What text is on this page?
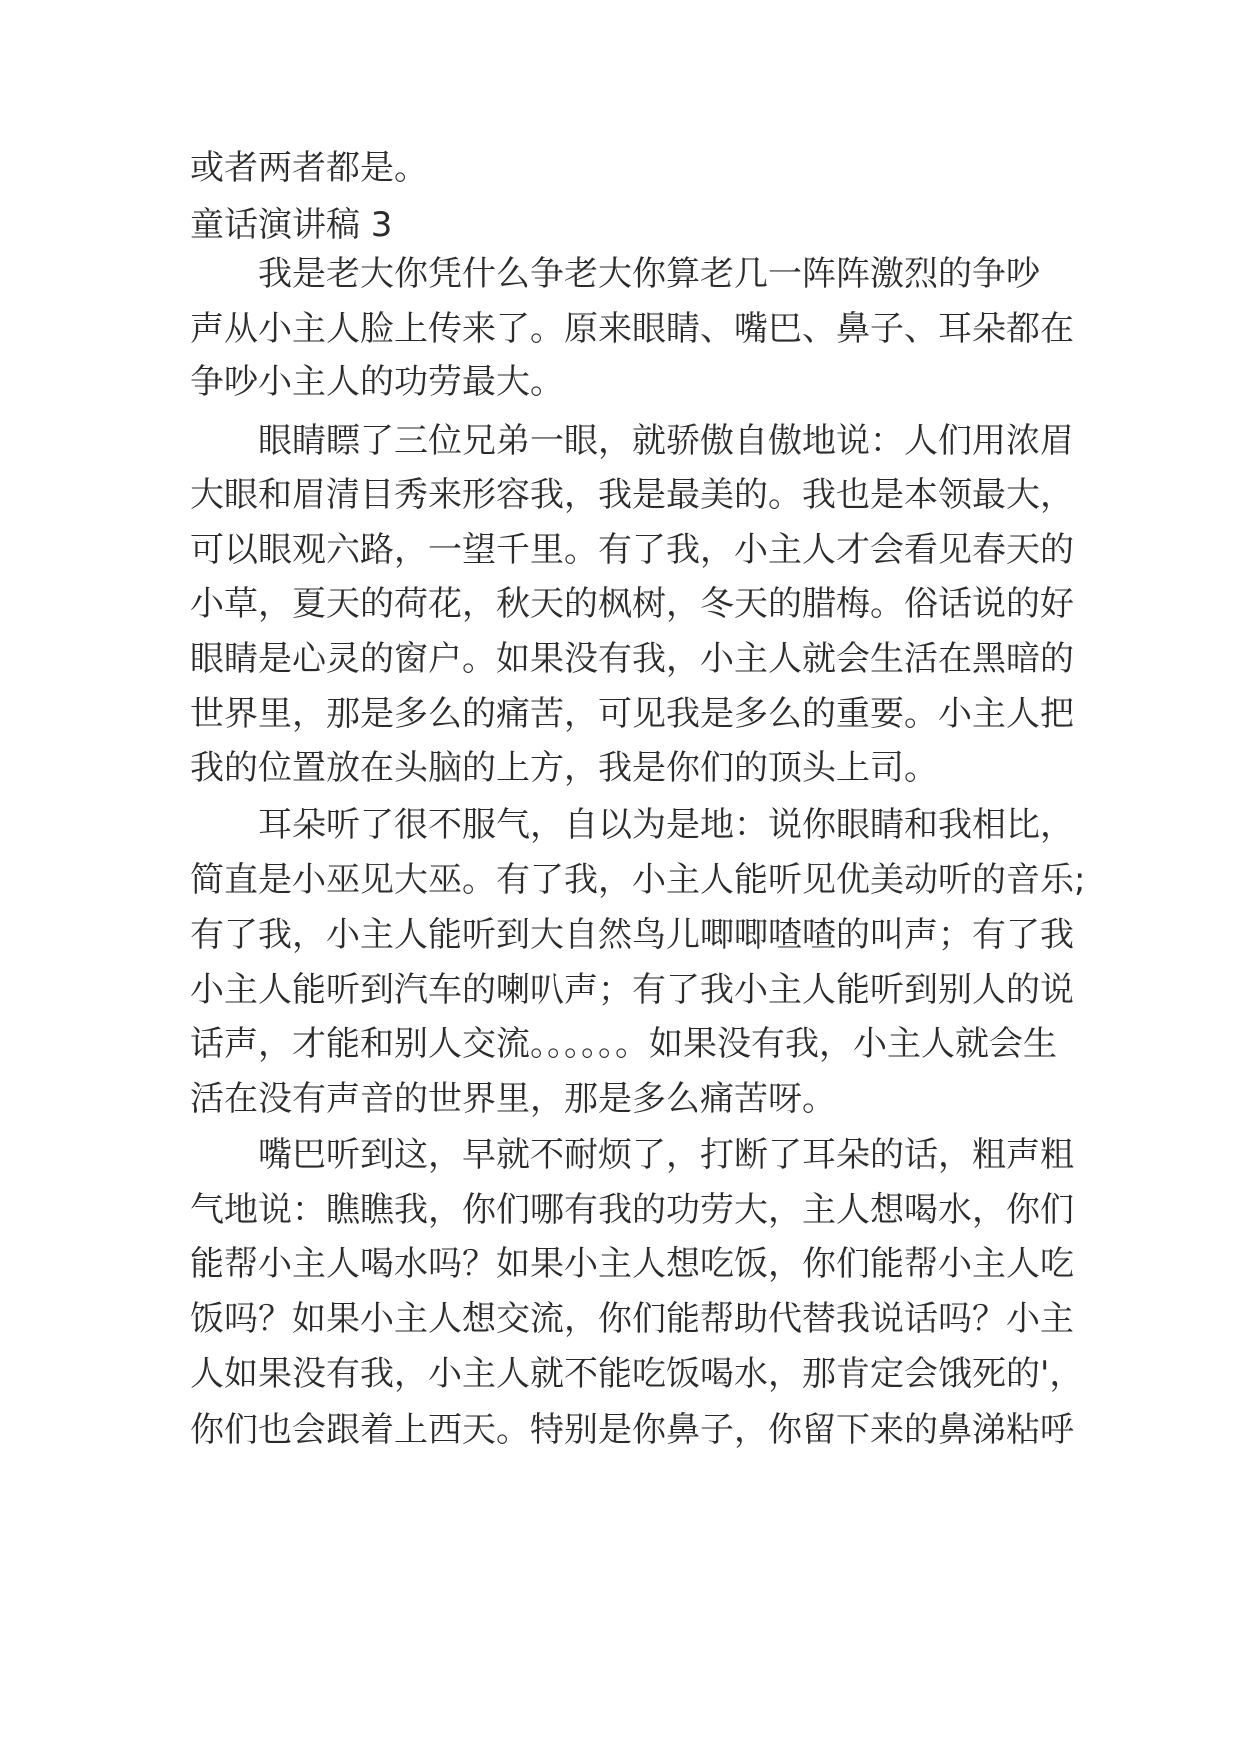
或者两者都是。
童话演讲稿 3
我是老大你凭什么争老大你算老几一阵阵激烈的争吵
声从小主人脸上传来了。原来眼睛、嘴巴、鼻子、耳朵都在
争吵小主人的功劳最大。
眼睛瞟了三位兄弟一眼，就骄傲自傲地说：人们用浓眉
大眼和眉清目秀来形容我，我是最美的。我也是本领最大，
可以眼观六路，一望千里。有了我，小主人才会看见春天的
小草，夏天的荷花，秋天的枫树，冬天的腊梅。俗话说的好
眼睛是心灵的窗户。如果没有我，小主人就会生活在黑暗的
世界里，那是多么的痛苦，可见我是多么的重要。小主人把
我的位置放在头脑的上方，我是你们的顶头上司。
耳朵听了很不服气，自以为是地：说你眼睛和我相比，
简直是小巫见大巫。有了我，小主人能听见优美动听的音乐;
有了我，小主人能听到大自然鸟儿唧唧喳喳的叫声；有了我
小主人能听到汽车的喇叭声；有了我小主人能听到别人的说
话声，才能和别人交流。。。。。。如果没有我，小主人就会生
活在没有声音的世界里，那是多么痛苦呀。
嘴巴听到这，早就不耐烦了，打断了耳朵的话，粗声粗
气地说：瞧瞧我，你们哪有我的功劳大，主人想喝水，你们
能帮小主人喝水吗？如果小主人想吃饭，你们能帮小主人吃
饭吗？如果小主人想交流，你们能帮助代替我说话吗？小主
人如果没有我，小主人就不能吃饭喝水，那肯定会饿死的'，
你们也会跟着上西天。特别是你鼻子，你留下来的鼻涕粘呼
